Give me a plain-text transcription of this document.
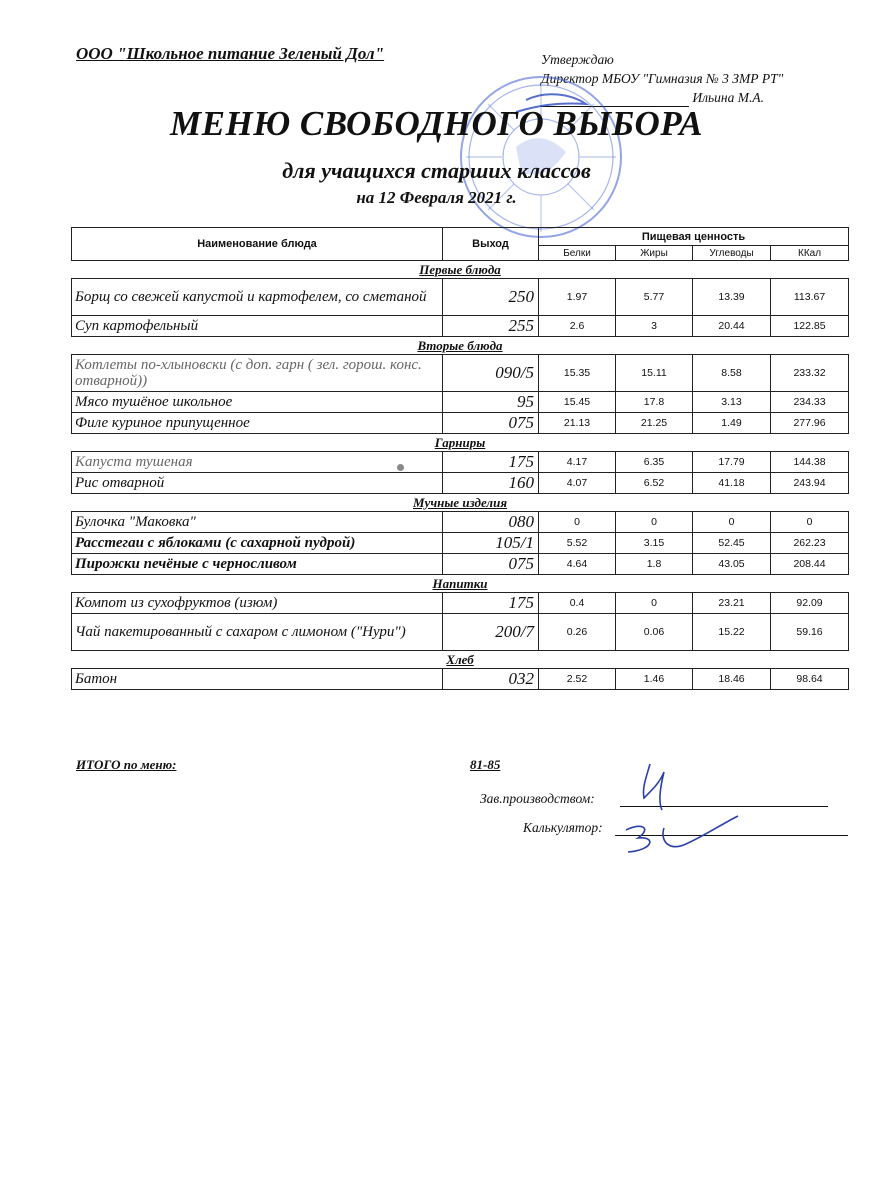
ООО "Школьное питание Зеленый Дол"	Утверждаю
Директор МБОУ "Гимназия № 3 ЗМР РТ"
Ильина М.А.
МЕНЮ СВОБОДНОГО ВЫБОРА
для учащихся старших классов
на 12 Февраля 2021 г.
Наименование блюда	Выход	Пищевая ценность			
		Белки	Жиры	Углеводы	ККал
Первые блюда					
Борщ со свежей капустой и картофелем, со сметаной	250	1.97	5.77	13.39	113.67
Суп картофельный	255	2.6	3	20.44	122.85
Вторые блюда					
Котлеты по-хлыновски (с доп. гарн ( зел. горош. конс. отварной))	090/5	15.35	15.11	8.58	233.32
Мясо тушёное школьное	95	15.45	17.8	3.13	234.33
Филе куриное припущенное	075	21.13	21.25	1.49	277.96
Гарниры					
Капуста тушеная	175	4.17	6.35	17.79	144.38
Рис отварной	160	4.07	6.52	41.18	243.94
Мучные изделия					
Булочка "Маковка"	080	0	0	0	0
Расстегаи с яблоками (с сахарной пудрой)	105/1	5.52	3.15	52.45	262.23
Пирожки печёные с черносливом	075	4.64	1.8	43.05	208.44
Напитки					
Компот из сухофруктов (изюм)	175	0.4	0	23.21	92.09
Чай пакетированный с сахаром с лимоном ("Нури")	200/7	0.26	0.06	15.22	59.16
Хлеб					
Батон	032	2.52	1.46	18.46	98.64
ИТОГО по меню:	81-85
Зав.производством:
Калькулятор:
